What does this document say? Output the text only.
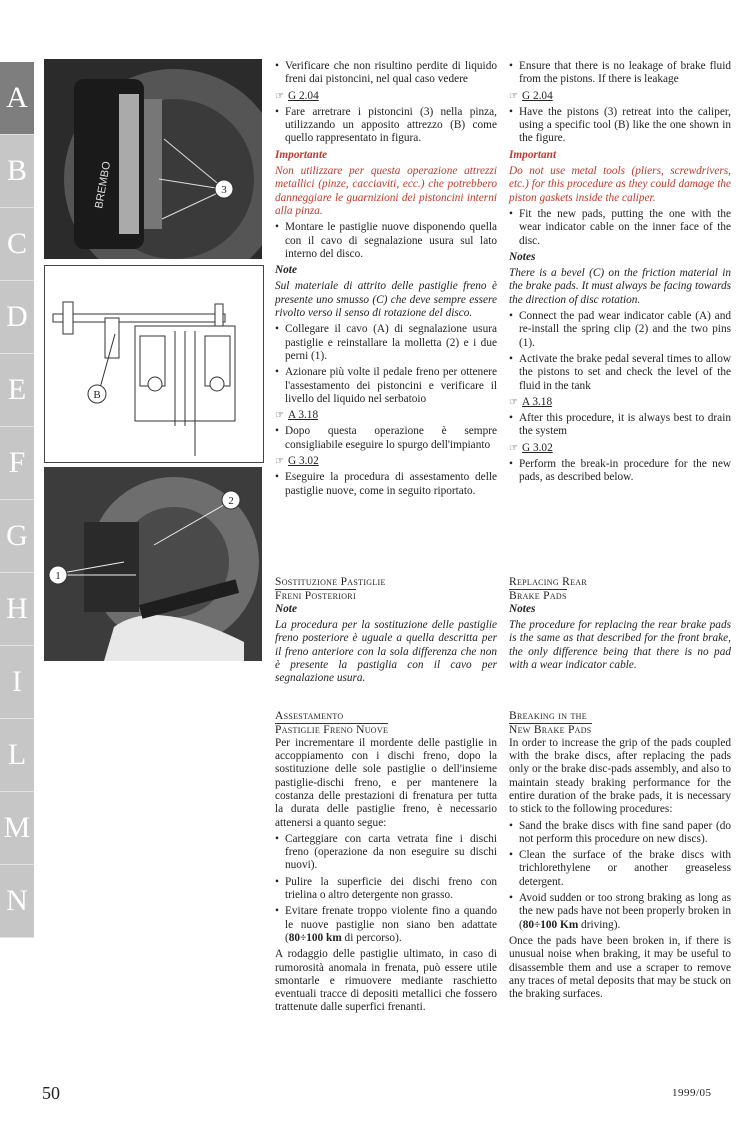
A
B
C
D
E
F
G
H
I
L
M
N
BREMBO	3
B
1
2

• Verificare che non risultino perdite di liquido freni dai pistoncini, nel qual caso vedere

☞ G 2.04

• Fare arretrare i pistoncini (3) nella pinza, utilizzando un apposito attrezzo (B) come quello rappresentato in figura.

Importante

Non utilizzare per questa operazione attrezzi metallici (pinze, cacciaviti, ecc.) che potrebbero danneggiare le guarnizioni dei pistoncini interni alla pinza.

• Montare le pastiglie nuove disponendo quella con il cavo di segnalazione usura sul lato interno del disco.

Note

Sul materiale di attrito delle pastiglie freno è presente uno smusso (C) che deve sempre essere rivolto verso il senso di rotazione del disco.

• Collegare il cavo (A) di segnalazione usura pastiglie e reinstallare la molletta (2) e i due perni (1).

• Azionare più volte il pedale freno per ottenere l'assestamento dei pistoncini e verificare il livello del liquido nel serbatoio

☞ A 3.18

• Dopo questa operazione è sempre consigliabile eseguire lo spurgo dell'impianto

☞ G 3.02

• Eseguire la procedura di assestamento delle pastiglie nuove, come in seguito riportato.

• Ensure that there is no leakage of brake fluid from the pistons. If there is leakage

☞ G 2.04

• Have the pistons (3) retreat into the caliper, using a specific tool (B) like the one shown in the figure.

Important

Do not use metal tools (pliers, screwdrivers, etc.) for this procedure as they could damage the piston gaskets inside the caliper.

• Fit the new pads, putting the one with the wear indicator cable on the inner face of the disc.

Notes

There is a bevel (C) on the friction material in the brake pads. It must always be facing towards the direction of disc rotation.

• Connect the pad wear indicator cable (A) and re-install the spring clip (2) and the two pins (1).

• Activate the brake pedal several times to allow the pistons to set and check the level of the fluid in the tank

☞ A 3.18

• After this procedure, it is always best to drain the system

☞ G 3.02

• Perform the break-in procedure for the new pads, as described below.

Sostituzione Pastiglie
Freni Posteriori

Note

La procedura per la sostituzione delle pastiglie freno posteriore è uguale a quella descritta per il freno anteriore con la sola differenza che non è presente la pastiglia con il cavo per segnalazione usura.

Replacing Rear
Brake Pads

Notes

The procedure for replacing the rear brake pads is the same as that described for the front brake, the only difference being that there is no pad with a wear indicator cable.

Assestamento
Pastiglie Freno Nuove

Per incrementare il mordente delle pastiglie in accoppiamento con i dischi freno, dopo la sostituzione delle sole pastiglie o dell'insieme pastiglie-dischi freno, e per mantenere la costanza delle prestazioni di frenatura per tutta la durata delle pastiglie freno, è necessario attenersi a quanto segue:

• Carteggiare con carta vetrata fine i dischi freno (operazione da non eseguire su dischi nuovi).

• Pulire la superficie dei dischi freno con trielina o altro detergente non grasso.

• Evitare frenate troppo violente fino a quando le nuove pastiglie non siano ben adattate (80÷100 km di percorso).

A rodaggio delle pastiglie ultimato, in caso di rumorosità anomala in frenata, può essere utile smontarle e rimuovere mediante raschietto eventuali tracce di depositi metallici che fossero trattenute dalle superfici frenanti.

Breaking in the
New Brake Pads

In order to increase the grip of the pads coupled with the brake discs, after replacing the pads only or the brake disc-pads assembly, and also to maintain steady braking performance for the entire duration of the brake pads, it is necessary to stick to the following procedures:

• Sand the brake discs with fine sand paper (do not perform this procedure on new discs).

• Clean the surface of the brake discs with trichlorethylene or another greaseless detergent.

• Avoid sudden or too strong braking as long as the new pads have not been properly broken in (80÷100 Km driving).

Once the pads have been broken in, if there is unusual noise when braking, it may be useful to disassemble them and use a scraper to remove any traces of metal deposits that may be stuck on the braking surfaces.

50	1999/05
